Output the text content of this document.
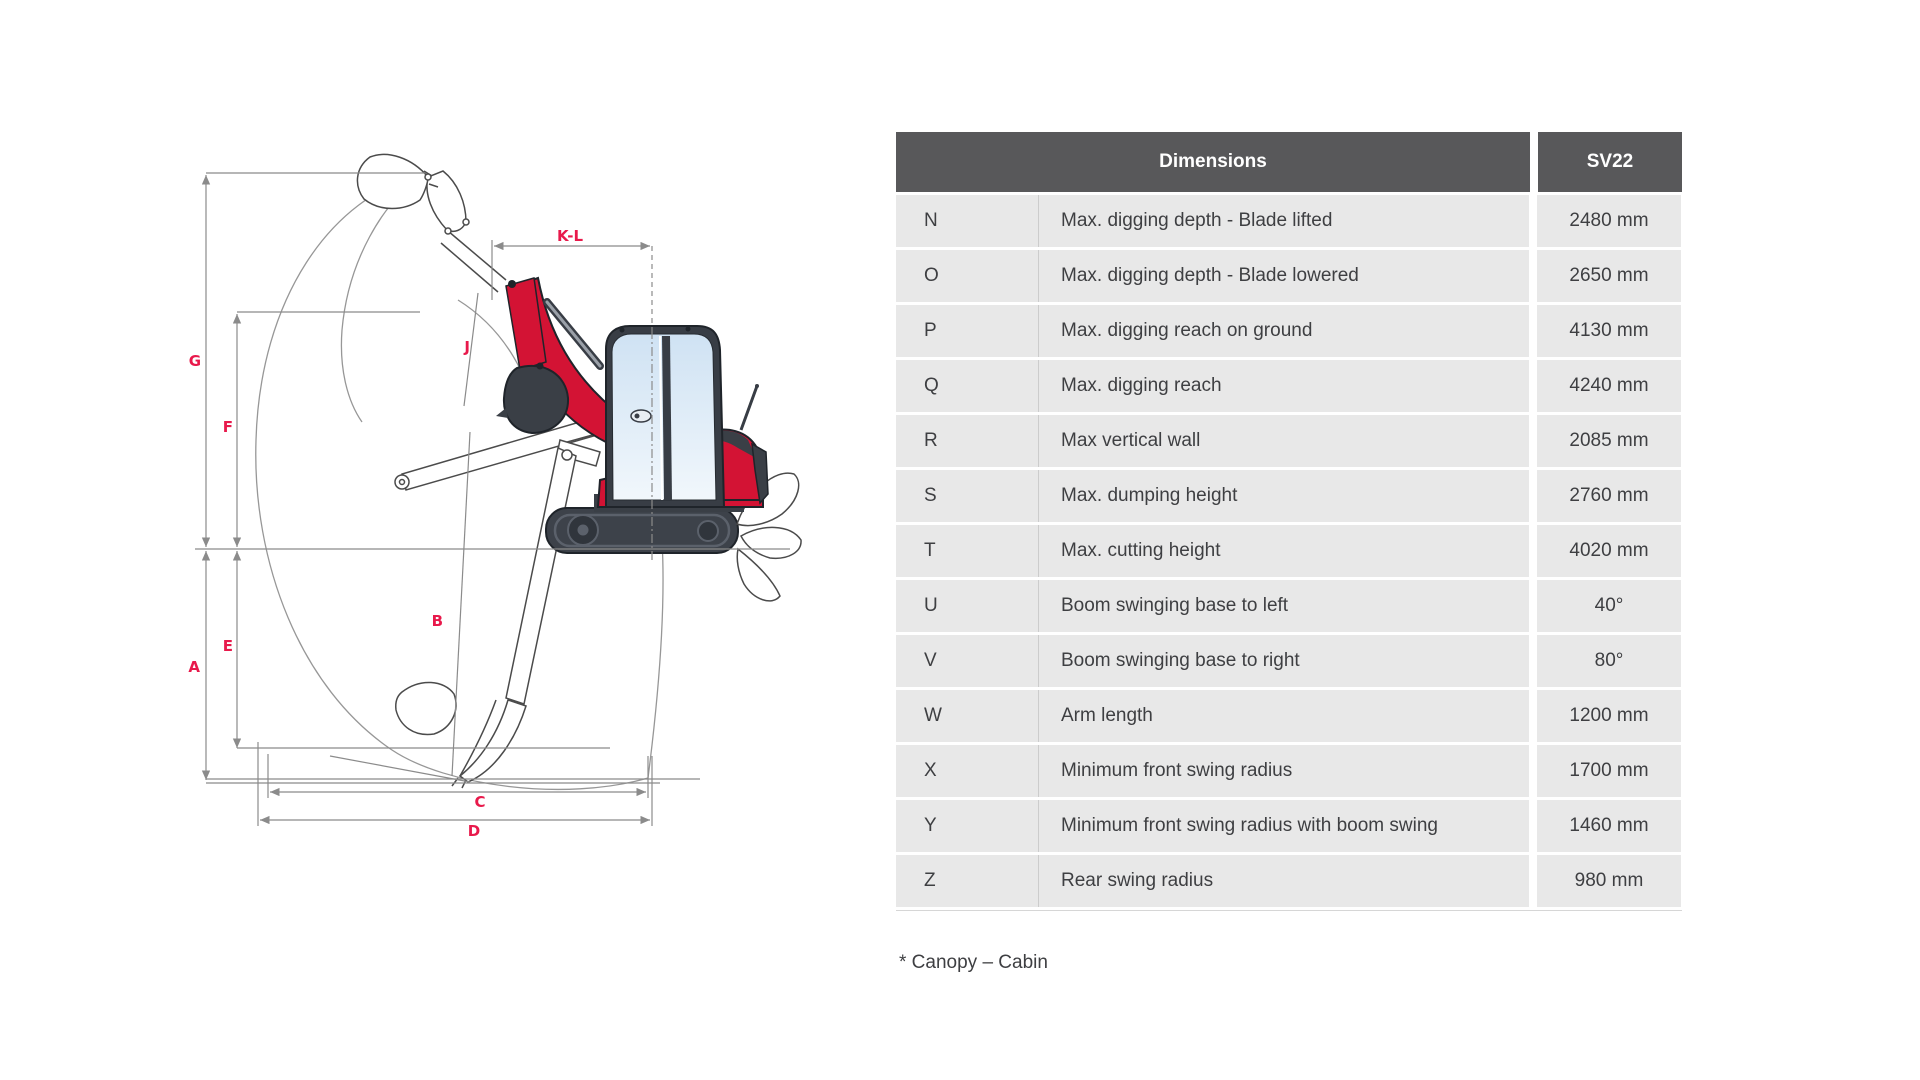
G
F
A
E
K-L
J
B
C
D
Dimensions	SV22
N	Max. digging depth - Blade lifted	2480 mm
O	Max. digging depth - Blade lowered	2650 mm
P	Max. digging reach on ground	4130 mm
Q	Max. digging reach	4240 mm
R	Max vertical wall	2085 mm
S	Max. dumping height	2760 mm
T	Max. cutting height	4020 mm
U	Boom swinging base to left	40°
V	Boom swinging base to right	80°
W	Arm length	1200 mm
X	Minimum front swing radius	1700 mm
Y	Minimum front swing radius with boom swing	1460 mm
Z	Rear swing radius	980 mm
* Canopy – Cabin
